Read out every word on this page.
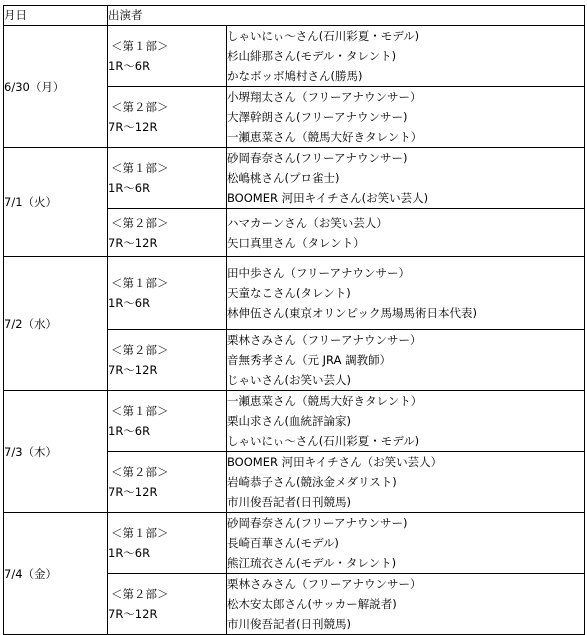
月日	出演者	
6/30（月）	＜第１部＞
1R～6R	しゃいにぃ～さん(石川彩夏・モデル)
杉山緋那さん(モデル・タレント)
かなボッボ鳩村さん(勝馬)

	＜第２部＞
7R～12R	小堺翔太さん（フリーアナウンサー）
大澤幹朗さん(フリーアナウンサー)
一瀬恵菜さん（競馬大好きタレント）

7/1（火）	＜第１部＞
1R～6R	砂岡春奈さん(フリーアナウンサー)
松嶋桃さん(プロ雀士)
BOOMER 河田キイチさん(お笑い芸人)

	＜第２部＞
7R～12R	ハマカーンさん（お笑い芸人）
矢口真里さん（タレント）

7/2（水）	＜第１部＞
1R～6R	田中歩さん（フリーアナウンサー）
天童なこさん(タレント)
林伸伍さん(東京オリンピック馬場馬術日本代表)

	＜第２部＞
7R～12R	栗林さみさん（フリーアナウンサー）
音無秀孝さん（元 JRA 調教師）
じゃいさん(お笑い芸人)

7/3（木）	＜第１部＞
1R～6R	一瀬恵菜さん（競馬大好きタレント）
栗山求さん(血統評論家)
しゃいにぃ～さん(石川彩夏・モデル)

	＜第２部＞
7R～12R	BOOMER 河田キイチさん（お笑い芸人）
岩崎恭子さん(競泳金メダリスト)
市川俊吾記者(日刊競馬)

7/4（金）	＜第１部＞
1R～6R	砂岡春奈さん(フリーアナウンサー)
長崎百華さん(モデル)
熊江琉衣さん(モデル・タレント)

	＜第２部＞
7R～12R	栗林さみさん（フリーアナウンサー）
松木安太郎さん(サッカー解説者)
市川俊吾記者(日刊競馬)
